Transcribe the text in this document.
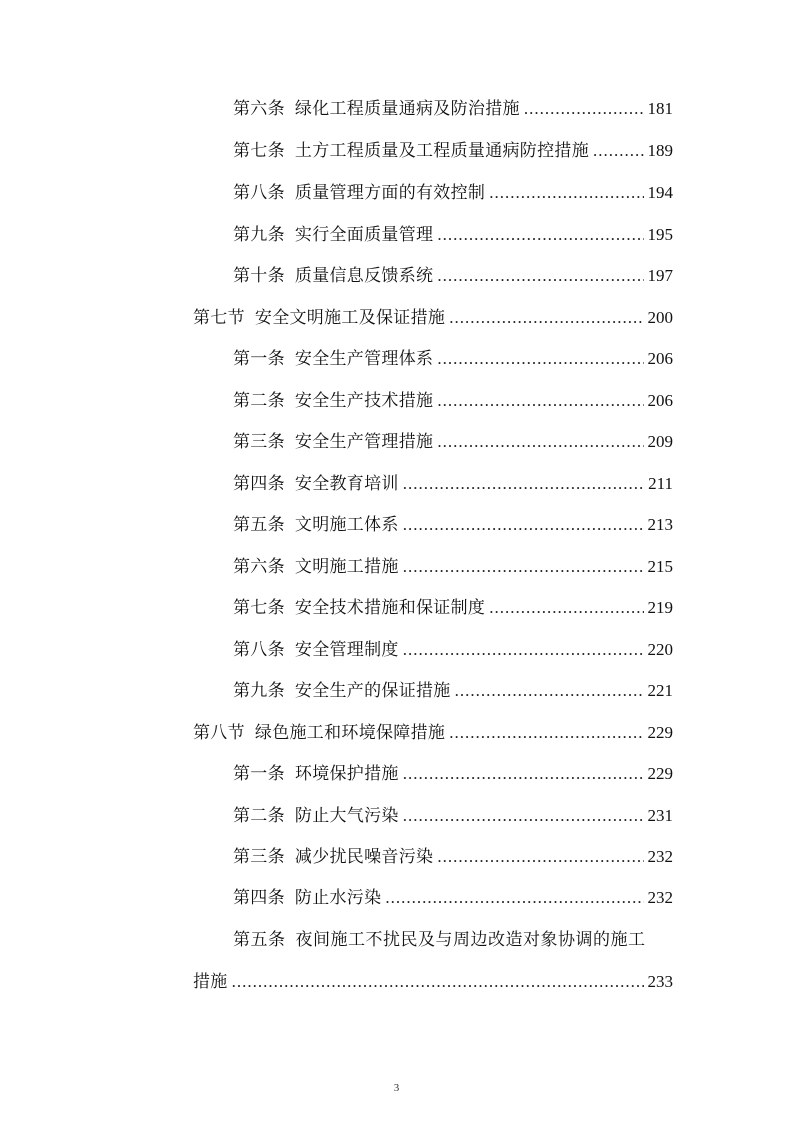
第六条 绿化工程质量通病及防治措施 .....	181
第七条 土方工程质量及工程质量通病防控措施 .....	189
第八条 质量管理方面的有效控制 .....	194
第九条 实行全面质量管理 .....	195
第十条 质量信息反馈系统 .....	197
第七节 安全文明施工及保证措施 .....	200
第一条 安全生产管理体系 .....	206
第二条 安全生产技术措施 .....	206
第三条 安全生产管理措施 .....	209
第四条 安全教育培训 .....	211
第五条 文明施工体系 .....	213
第六条 文明施工措施 .....	215
第七条 安全技术措施和保证制度 .....	219
第八条 安全管理制度 .....	220
第九条 安全生产的保证措施 .....	221
第八节 绿色施工和环境保障措施 .....	229
第一条 环境保护措施 .....	229
第二条 防止大气污染 .....	231
第三条 减少扰民噪音污染 .....	232
第四条 防止水污染 .....	232
第五条 夜间施工不扰民及与周边改造对象协调的施工
措施 .....	233
3
